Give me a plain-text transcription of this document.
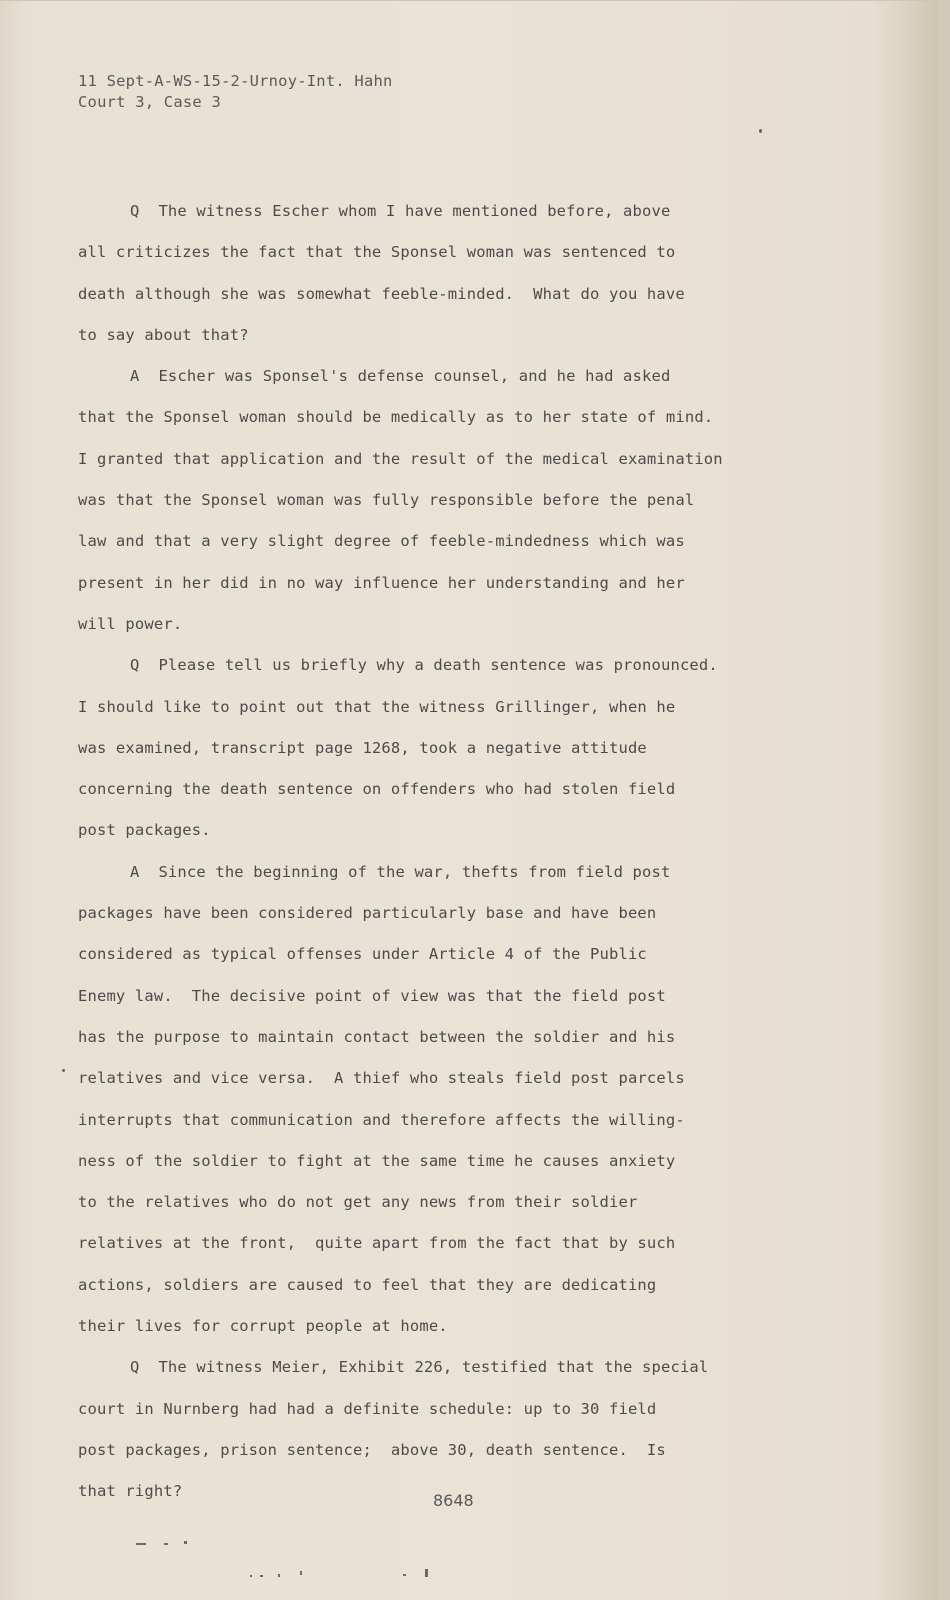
11 Sept-A-WS-15-2-Urnoy-Int. Hahn
Court 3, Case 3
Q  The witness Escher whom I have mentioned before, above
all criticizes the fact that the Sponsel woman was sentenced to
death although she was somewhat feeble-minded.  What do you have
to say about that?
A  Escher was Sponsel's defense counsel, and he had asked
that the Sponsel woman should be medically as to her state of mind.
I granted that application and the result of the medical examination
was that the Sponsel woman was fully responsible before the penal
law and that a very slight degree of feeble-mindedness which was
present in her did in no way influence her understanding and her
will power.
Q  Please tell us briefly why a death sentence was pronounced.
I should like to point out that the witness Grillinger, when he
was examined, transcript page 1268, took a negative attitude
concerning the death sentence on offenders who had stolen field
post packages.
A  Since the beginning of the war, thefts from field post
packages have been considered particularly base and have been
considered as typical offenses under Article 4 of the Public
Enemy law.  The decisive point of view was that the field post
has the purpose to maintain contact between the soldier and his
relatives and vice versa.  A thief who steals field post parcels
interrupts that communication and therefore affects the willing-
ness of the soldier to fight at the same time he causes anxiety
to the relatives who do not get any news from their soldier
relatives at the front,  quite apart from the fact that by such
actions, soldiers are caused to feel that they are dedicating
their lives for corrupt people at home.
Q  The witness Meier, Exhibit 226, testified that the special
court in Nurnberg had had a definite schedule: up to 30 field
post packages, prison sentence;  above 30, death sentence.  Is
that right?	8648
